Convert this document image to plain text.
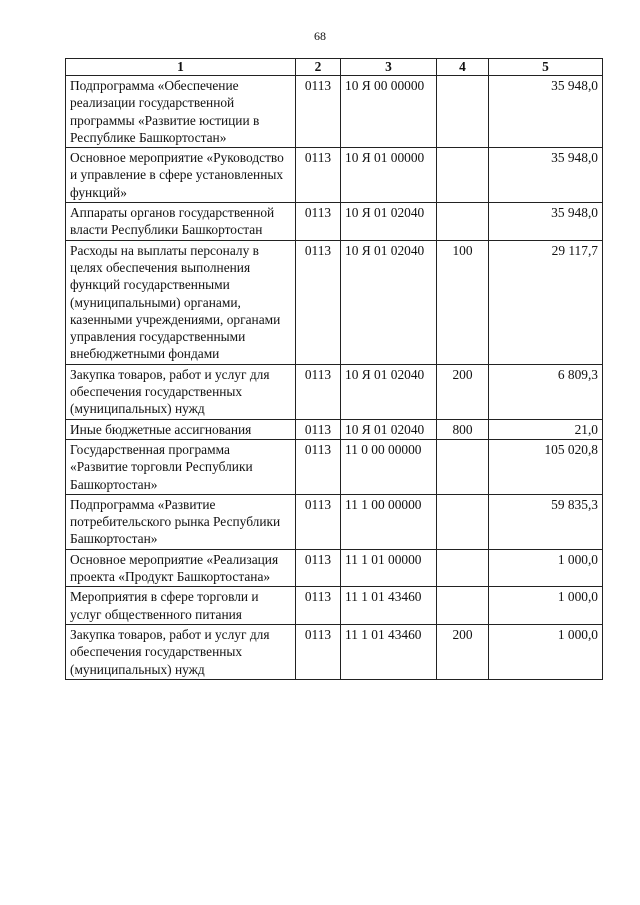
68
1	2	3	4	5
Подпрограмма «Обеспечение реализации государственной программы «Развитие юстиции в Республике Башкортостан»	0113	10 Я 00 00000		35 948,0
Основное мероприятие «Руководство и управление в сфере установленных функций»	0113	10 Я 01 00000		35 948,0
Аппараты органов государственной власти Республики Башкортостан	0113	10 Я 01 02040		35 948,0
Расходы на выплаты персоналу в целях обеспечения выполнения функций государственными (муниципальными) органами, казенными учреждениями, органами управления государственными внебюджетными фондами	0113	10 Я 01 02040	100	29 117,7
Закупка товаров, работ и услуг для обеспечения государственных (муниципальных) нужд	0113	10 Я 01 02040	200	6 809,3
Иные бюджетные ассигнования	0113	10 Я 01 02040	800	21,0
Государственная программа «Развитие торговли Республики Башкортостан»	0113	11 0 00 00000		105 020,8
Подпрограмма «Развитие потребительского рынка Республики Башкортостан»	0113	11 1 00 00000		59 835,3
Основное мероприятие «Реализация проекта «Продукт Башкортостана»	0113	11 1 01 00000		1 000,0
Мероприятия в сфере торговли и услуг общественного питания	0113	11 1 01 43460		1 000,0
Закупка товаров, работ и услуг для обеспечения государственных (муниципальных) нужд	0113	11 1 01 43460	200	1 000,0
